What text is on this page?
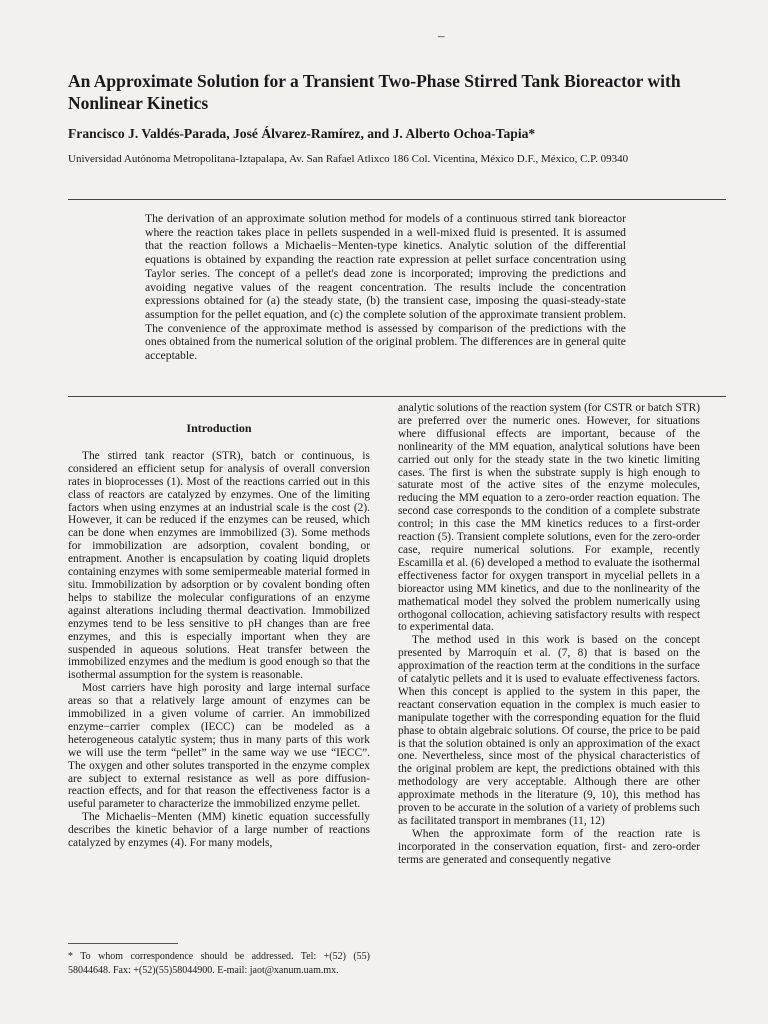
–
An Approximate Solution for a Transient Two-Phase Stirred Tank Bioreactor with Nonlinear Kinetics
Francisco J. Valdés-Parada, José Álvarez-Ramírez, and J. Alberto Ochoa-Tapia*
Universidad Autónoma Metropolitana-Iztapalapa, Av. San Rafael Atlixco 186 Col. Vicentina, México D.F., México, C.P. 09340

The derivation of an approximate solution method for models of a continuous stirred tank bioreactor where the reaction takes place in pellets suspended in a well-mixed fluid is presented. It is assumed that the reaction follows a Michaelis−Menten-type kinetics. Analytic solution of the differential equations is obtained by expanding the reaction rate expression at pellet surface concentration using Taylor series. The concept of a pellet's dead zone is incorporated; improving the predictions and avoiding negative values of the reagent concentration. The results include the concentration expressions obtained for (a) the steady state, (b) the transient case, imposing the quasi-steady-state assumption for the pellet equation, and (c) the complete solution of the approximate transient problem. The convenience of the approximate method is assessed by comparison of the predictions with the ones obtained from the numerical solution of the original problem. The differences are in general quite acceptable.

Introduction

The stirred tank reactor (STR), batch or continuous, is considered an efficient setup for analysis of overall conversion rates in bioprocesses (1). Most of the reactions carried out in this class of reactors are catalyzed by enzymes. One of the limiting factors when using enzymes at an industrial scale is the cost (2). However, it can be reduced if the enzymes can be reused, which can be done when enzymes are immobilized (3). Some methods for immobilization are adsorption, covalent bonding, or entrapment. Another is encapsulation by coating liquid droplets containing enzymes with some semipermeable material formed in situ. Immobilization by adsorption or by covalent bonding often helps to stabilize the molecular configurations of an enzyme against alterations including thermal deactivation. Immobilized enzymes tend to be less sensitive to pH changes than are free enzymes, and this is especially important when they are suspended in aqueous solutions. Heat transfer between the immobilized enzymes and the medium is good enough so that the isothermal assumption for the system is reasonable.

Most carriers have high porosity and large internal surface areas so that a relatively large amount of enzymes can be immobilized in a given volume of carrier. An immobilized enzyme−carrier complex (IECC) can be modeled as a heterogeneous catalytic system; thus in many parts of this work we will use the term “pellet” in the same way we use “IECC”. The oxygen and other solutes transported in the enzyme complex are subject to external resistance as well as pore diffusion-reaction effects, and for that reason the effectiveness factor is a useful parameter to characterize the immobilized enzyme pellet.

The Michaelis−Menten (MM) kinetic equation successfully describes the kinetic behavior of a large number of reactions catalyzed by enzymes (4). For many models,

analytic solutions of the reaction system (for CSTR or batch STR) are preferred over the numeric ones. However, for situations where diffusional effects are important, because of the nonlinearity of the MM equation, analytical solutions have been carried out only for the steady state in the two kinetic limiting cases. The first is when the substrate supply is high enough to saturate most of the active sites of the enzyme molecules, reducing the MM equation to a zero-order reaction equation. The second case corresponds to the condition of a complete substrate control; in this case the MM kinetics reduces to a first-order reaction (5). Transient complete solutions, even for the zero-order case, require numerical solutions. For example, recently Escamilla et al. (6) developed a method to evaluate the isothermal effectiveness factor for oxygen transport in mycelial pellets in a bioreactor using MM kinetics, and due to the nonlinearity of the mathematical model they solved the problem numerically using orthogonal collocation, achieving satisfactory results with respect to experimental data.

The method used in this work is based on the concept presented by Marroquín et al. (7, 8) that is based on the approximation of the reaction term at the conditions in the surface of catalytic pellets and it is used to evaluate effectiveness factors. When this concept is applied to the system in this paper, the reactant conservation equation in the complex is much easier to manipulate together with the corresponding equation for the fluid phase to obtain algebraic solutions. Of course, the price to be paid is that the solution obtained is only an approximation of the exact one. Nevertheless, since most of the physical characteristics of the original problem are kept, the predictions obtained with this methodology are very acceptable. Although there are other approximate methods in the literature (9, 10), this method has proven to be accurate in the solution of a variety of problems such as facilitated transport in membranes (11, 12)

When the approximate form of the reaction rate is incorporated in the conservation equation, first- and zero-order terms are generated and consequently negative

* To whom correspondence should be addressed. Tel: +(52) (55) 58044648. Fax: +(52)(55)58044900. E-mail: jaot@xanum.uam.mx.
